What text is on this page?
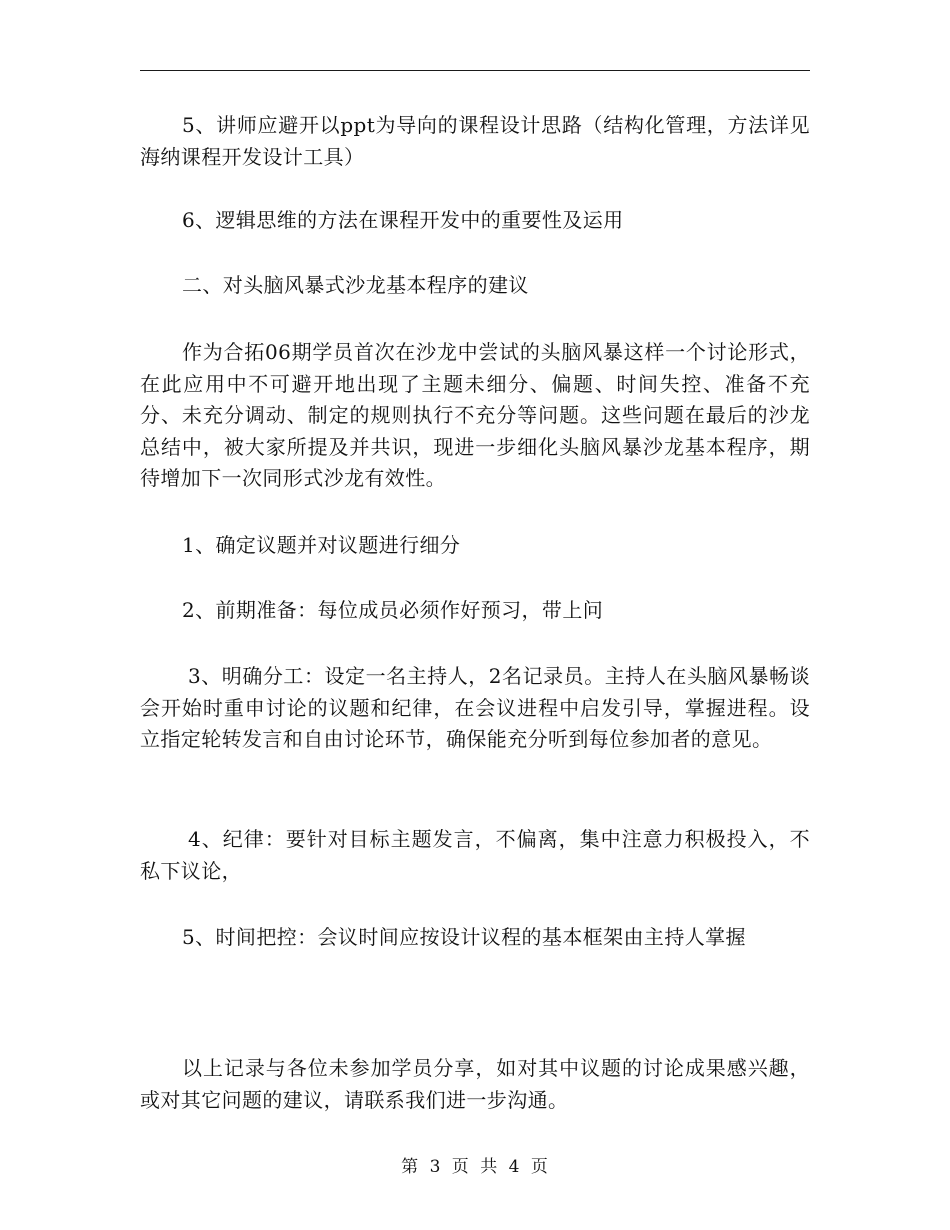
5、讲师应避开以ppt为导向的课程设计思路（结构化管理，方法详见海纳课程开发设计工具）

6、逻辑思维的方法在课程开发中的重要性及运用

二、对头脑风暴式沙龙基本程序的建议

作为合拓06期学员首次在沙龙中尝试的头脑风暴这样一个讨论形式，在此应用中不可避开地出现了主题未细分、偏题、时间失控、准备不充分、未充分调动、制定的规则执行不充分等问题。这些问题在最后的沙龙总结中，被大家所提及并共识，现进一步细化头脑风暴沙龙基本程序，期待增加下一次同形式沙龙有效性。

1、确定议题并对议题进行细分

2、前期准备：每位成员必须作好预习，带上问

3、明确分工：设定一名主持人，2名记录员。主持人在头脑风暴畅谈会开始时重申讨论的议题和纪律，在会议进程中启发引导，掌握进程。设立指定轮转发言和自由讨论环节，确保能充分听到每位参加者的意见。

4、纪律：要针对目标主题发言，不偏离，集中注意力积极投入，不私下议论，

5、时间把控：会议时间应按设计议程的基本框架由主持人掌握

以上记录与各位未参加学员分享，如对其中议题的讨论成果感兴趣，或对其它问题的建议，请联系我们进一步沟通。

第 3 页 共 4 页
